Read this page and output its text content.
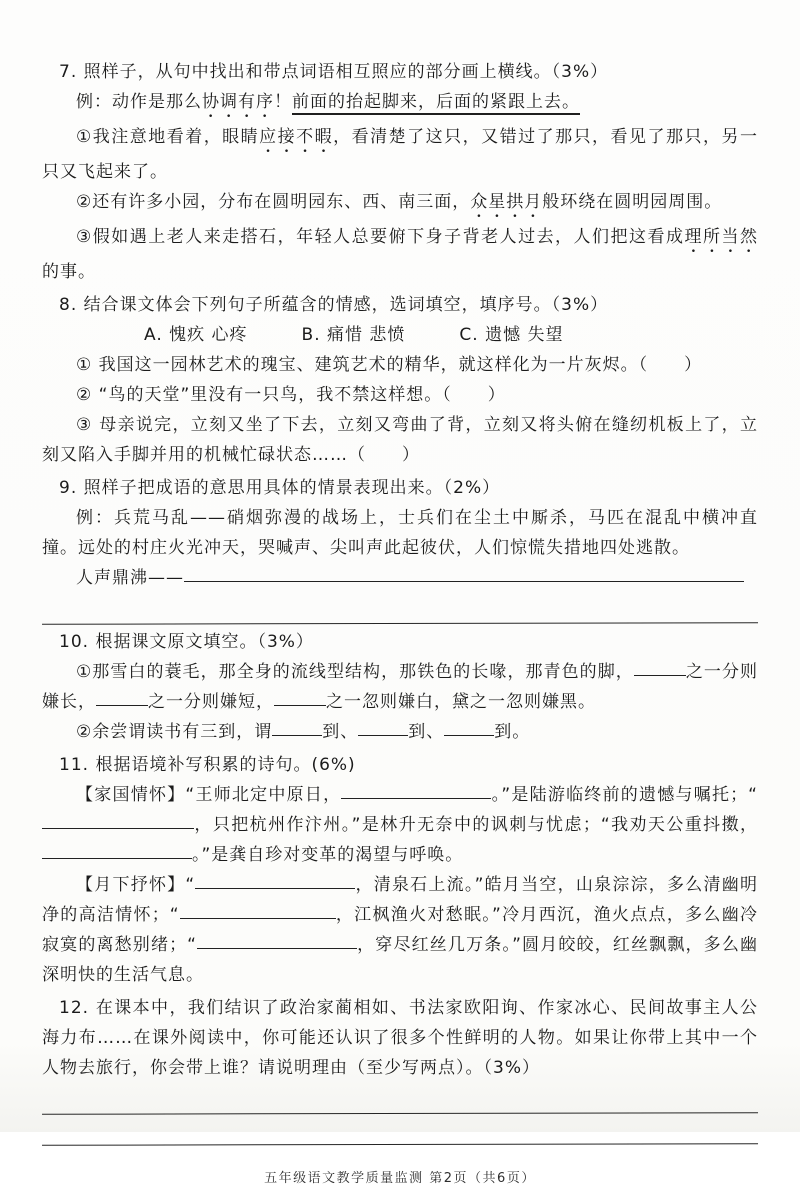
7. 照样子，从句中找出和带点词语相互照应的部分画上横线。（3%）

例：动作是那么协调有序！前面的抬起脚来，后面的紧跟上去。

①我注意地看着，眼睛应接不暇，看清楚了这只，又错过了那只，看见了那只，另一只又飞起来了。

②还有许多小园，分布在圆明园东、西、南三面，众星拱月般环绕在圆明园周围。

③假如遇上老人来走搭石，年轻人总要俯下身子背老人过去，人们把这看成理所当然的事。

8. 结合课文体会下列句子所蕴含的情感，选词填空，填序号。（3%）

A. 愧疚 心疼　　　B. 痛惜 悲愤　　　C. 遗憾 失望

① 我国这一园林艺术的瑰宝、建筑艺术的精华，就这样化为一片灰烬。（　　）

② “鸟的天堂”里没有一只鸟，我不禁这样想。（　　）

③ 母亲说完，立刻又坐了下去，立刻又弯曲了背，立刻又将头俯在缝纫机板上了，立刻又陷入手脚并用的机械忙碌状态……（　　）

9. 照样子把成语的意思用具体的情景表现出来。（2%）

例：兵荒马乱——硝烟弥漫的战场上，士兵们在尘土中厮杀，马匹在混乱中横冲直撞。远处的村庄火光冲天，哭喊声、尖叫声此起彼伏，人们惊慌失措地四处逃散。

人声鼎沸——

10. 根据课文原文填空。（3%）

①那雪白的蓑毛，那全身的流线型结构，那铁色的长喙，那青色的脚，	之一分则嫌长，	之一分则嫌短，	之一忽则嫌白，黛之一忽则嫌黑。

②余尝谓读书有三到，谓	到、	到、	到。

11. 根据语境补写积累的诗句。(6%)

【家国情怀】“王师北定中原日，	。”是陆游临终前的遗憾与嘱托；“，只把杭州作汴州。”是林升无奈中的讽刺与忧虑；“我劝天公重抖擞，。”是龚自珍对变革的渴望与呼唤。

【月下抒怀】“	，清泉石上流。”皓月当空，山泉淙淙，多么清幽明净的高洁情怀；“	，江枫渔火对愁眠。”冷月西沉，渔火点点，多么幽冷寂寞的离愁别绪；“	，穿尽红丝几万条。”圆月皎皎，红丝飘飘，多么幽深明快的生活气息。

12. 在课本中，我们结识了政治家蔺相如、书法家欧阳询、作家冰心、民间故事主人公海力布……在课外阅读中，你可能还认识了很多个性鲜明的人物。如果让你带上其中一个人物去旅行，你会带上谁？请说明理由（至少写两点）。（3%）

五年级语文教学质量监测 第2页（共6页）
